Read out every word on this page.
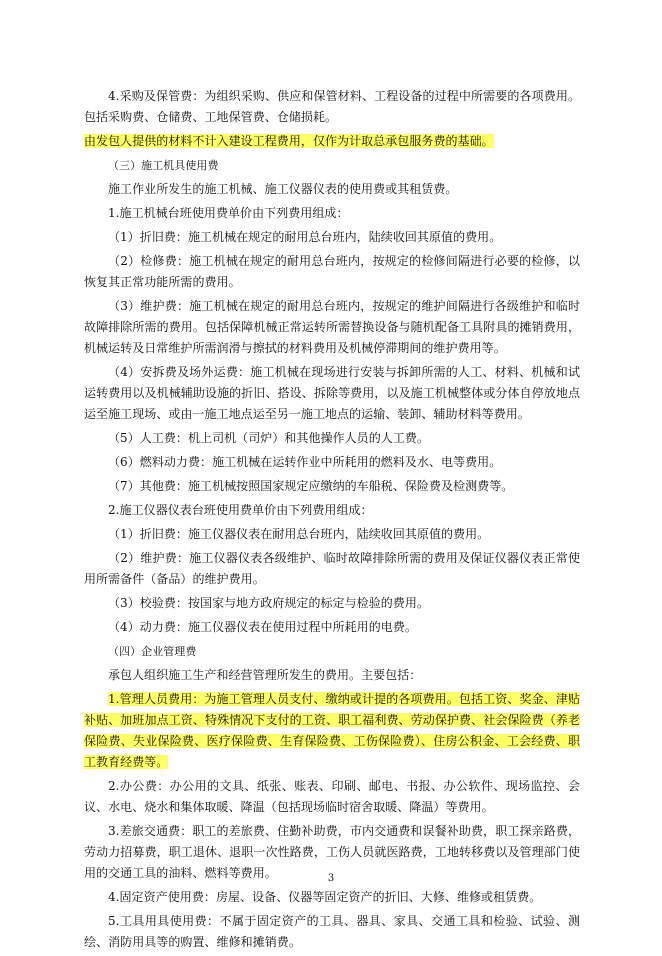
4.采购及保管费：为组织采购、供应和保管材料、工程设备的过程中所需要的各项费用。包括采购费、仓储费、工地保管费、仓储损耗。

由发包人提供的材料不计入建设工程费用，仅作为计取总承包服务费的基础。

（三）施工机具使用费

施工作业所发生的施工机械、施工仪器仪表的使用费或其租赁费。

1.施工机械台班使用费单价由下列费用组成：

（1）折旧费：施工机械在规定的耐用总台班内，陆续收回其原值的费用。

（2）检修费：施工机械在规定的耐用总台班内，按规定的检修间隔进行必要的检修，以恢复其正常功能所需的费用。

（3）维护费：施工机械在规定的耐用总台班内，按规定的维护间隔进行各级维护和临时故障排除所需的费用。包括保障机械正常运转所需替换设备与随机配备工具附具的摊销费用，机械运转及日常维护所需润滑与擦拭的材料费用及机械停滞期间的维护费用等。

（4）安拆费及场外运费：施工机械在现场进行安装与拆卸所需的人工、材料、机械和试运转费用以及机械辅助设施的折旧、搭设、拆除等费用，以及施工机械整体或分体自停放地点运至施工现场、或由一施工地点运至另一施工地点的运输、装卸、辅助材料等费用。

（5）人工费：机上司机（司炉）和其他操作人员的人工费。

（6）燃料动力费：施工机械在运转作业中所耗用的燃料及水、电等费用。

（7）其他费：施工机械按照国家规定应缴纳的车船税、保险费及检测费等。

2.施工仪器仪表台班使用费单价由下列费用组成：

（1）折旧费：施工仪器仪表在耐用总台班内，陆续收回其原值的费用。

（2）维护费：施工仪器仪表各级维护、临时故障排除所需的费用及保证仪器仪表正常使用所需备件（备品）的维护费用。

（3）校验费：按国家与地方政府规定的标定与检验的费用。

（4）动力费：施工仪器仪表在使用过程中所耗用的电费。

（四）企业管理费

承包人组织施工生产和经营管理所发生的费用。主要包括：

1.管理人员费用：为施工管理人员支付、缴纳或计提的各项费用。包括工资、奖金、津贴补贴、加班加点工资、特殊情况下支付的工资、职工福利费、劳动保护费、社会保险费（养老保险费、失业保险费、医疗保险费、生育保险费、工伤保险费）、住房公积金、工会经费、职工教育经费等。

2.办公费：办公用的文具、纸张、账表、印刷、邮电、书报、办公软件、现场监控、会议、水电、烧水和集体取暖、降温（包括现场临时宿舍取暖、降温）等费用。

3.差旅交通费：职工的差旅费、住勤补助费，市内交通费和误餐补助费，职工探亲路费，劳动力招募费，职工退休、退职一次性路费，工伤人员就医路费，工地转移费以及管理部门使用的交通工具的油料、燃料等费用。

4.固定资产使用费：房屋、设备、仪器等固定资产的折旧、大修、维修或租赁费。

5.工具用具使用费：不属于固定资产的工具、器具、家具、交通工具和检验、试验、测绘、消防用具等的购置、维修和摊销费。

3
